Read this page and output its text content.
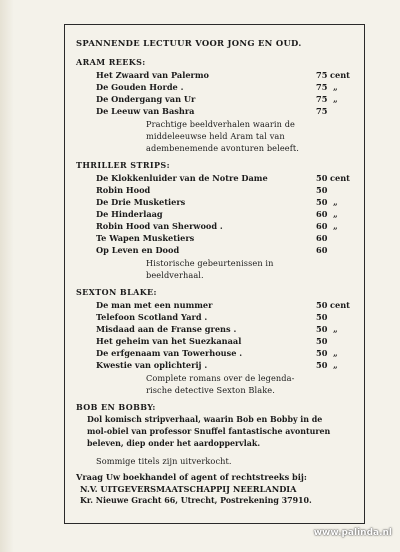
SPANNENDE LECTUUR VOOR JONG EN OUD.
ARAM REEKS:
Het Zwaard van Palermo	75 cent
De Gouden Horde .	75 „
De Ondergang van Ur	75 „
De Leeuw van Bashra	75
Prachtige beeldverhalen waarin de
middeleeuwse held Aram tal van
adembenemende avonturen beleeft.
THRILLER STRIPS:
De Klokkenluider van de Notre Dame	50 cent
Robin Hood	50
De Drie Musketiers	50 „
De Hinderlaag	60 „
Robin Hood van Sherwood .	60 „
Te Wapen Musketiers	60
Op Leven en Dood	60
Historische gebeurtenissen in
beeldverhaal.
SEXTON BLAKE:
De man met een nummer	50 cent
Telefoon Scotland Yard .	50
Misdaad aan de Franse grens .	50 „
Het geheim van het Suezkanaal	50
De erfgenaam van Towerhouse .	50 „
Kwestie van oplichterij .	50 „
Complete romans over de legenda-
rische detective Sexton Blake.
BOB EN BOBBY:
Dol komisch stripverhaal, waarin Bob en Bobby in de
mol-obiel van professor Snuffel fantastische avonturen
beleven, diep onder het aardoppervlak.
Sommige titels zijn uitverkocht.
Vraag Uw boekhandel of agent of rechtstreeks bij:
N.V. UITGEVERSMAATSCHAPPIJ NEERLANDIA
Kr. Nieuwe Gracht 66, Utrecht, Postrekening 37910.
www.palinda.nl
